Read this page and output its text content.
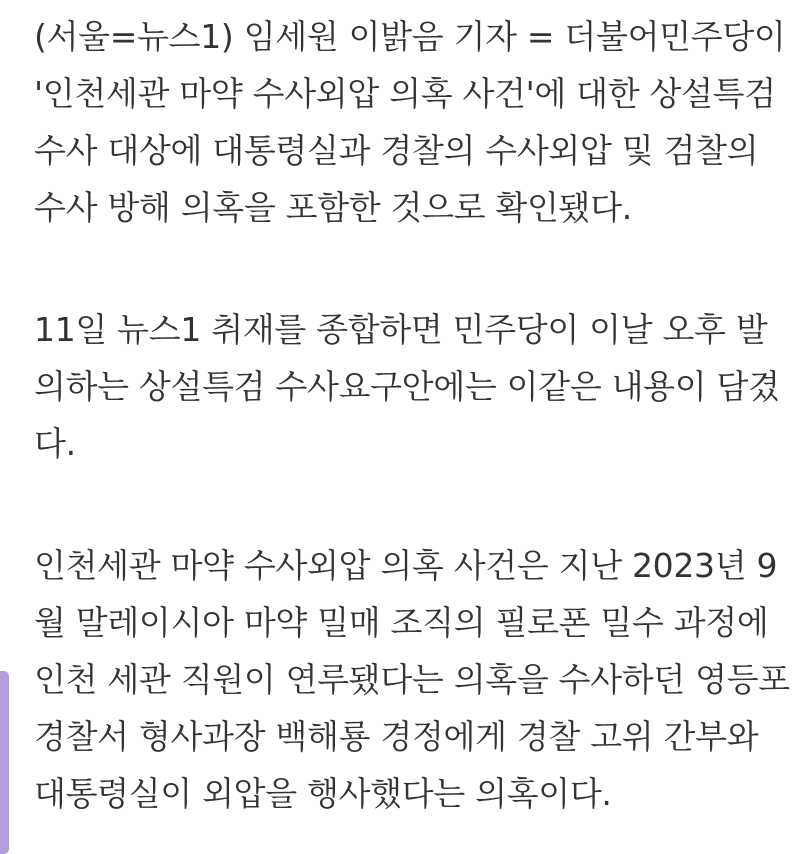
(서울=뉴스1) 임세원 이밝음 기자 = 더불어민주당이
'인천세관 마약 수사외압 의혹 사건'에 대한 상설특검
수사 대상에 대통령실과 경찰의 수사외압 및 검찰의
수사 방해 의혹을 포함한 것으로 확인됐다.

11일 뉴스1 취재를 종합하면 민주당이 이날 오후 발
의하는 상설특검 수사요구안에는 이같은 내용이 담겼
다.

인천세관 마약 수사외압 의혹 사건은 지난 2023년 9
월 말레이시아 마약 밀매 조직의 필로폰 밀수 과정에
인천 세관 직원이 연루됐다는 의혹을 수사하던 영등포
경찰서 형사과장 백해룡 경정에게 경찰 고위 간부와
대통령실이 외압을 행사했다는 의혹이다.
